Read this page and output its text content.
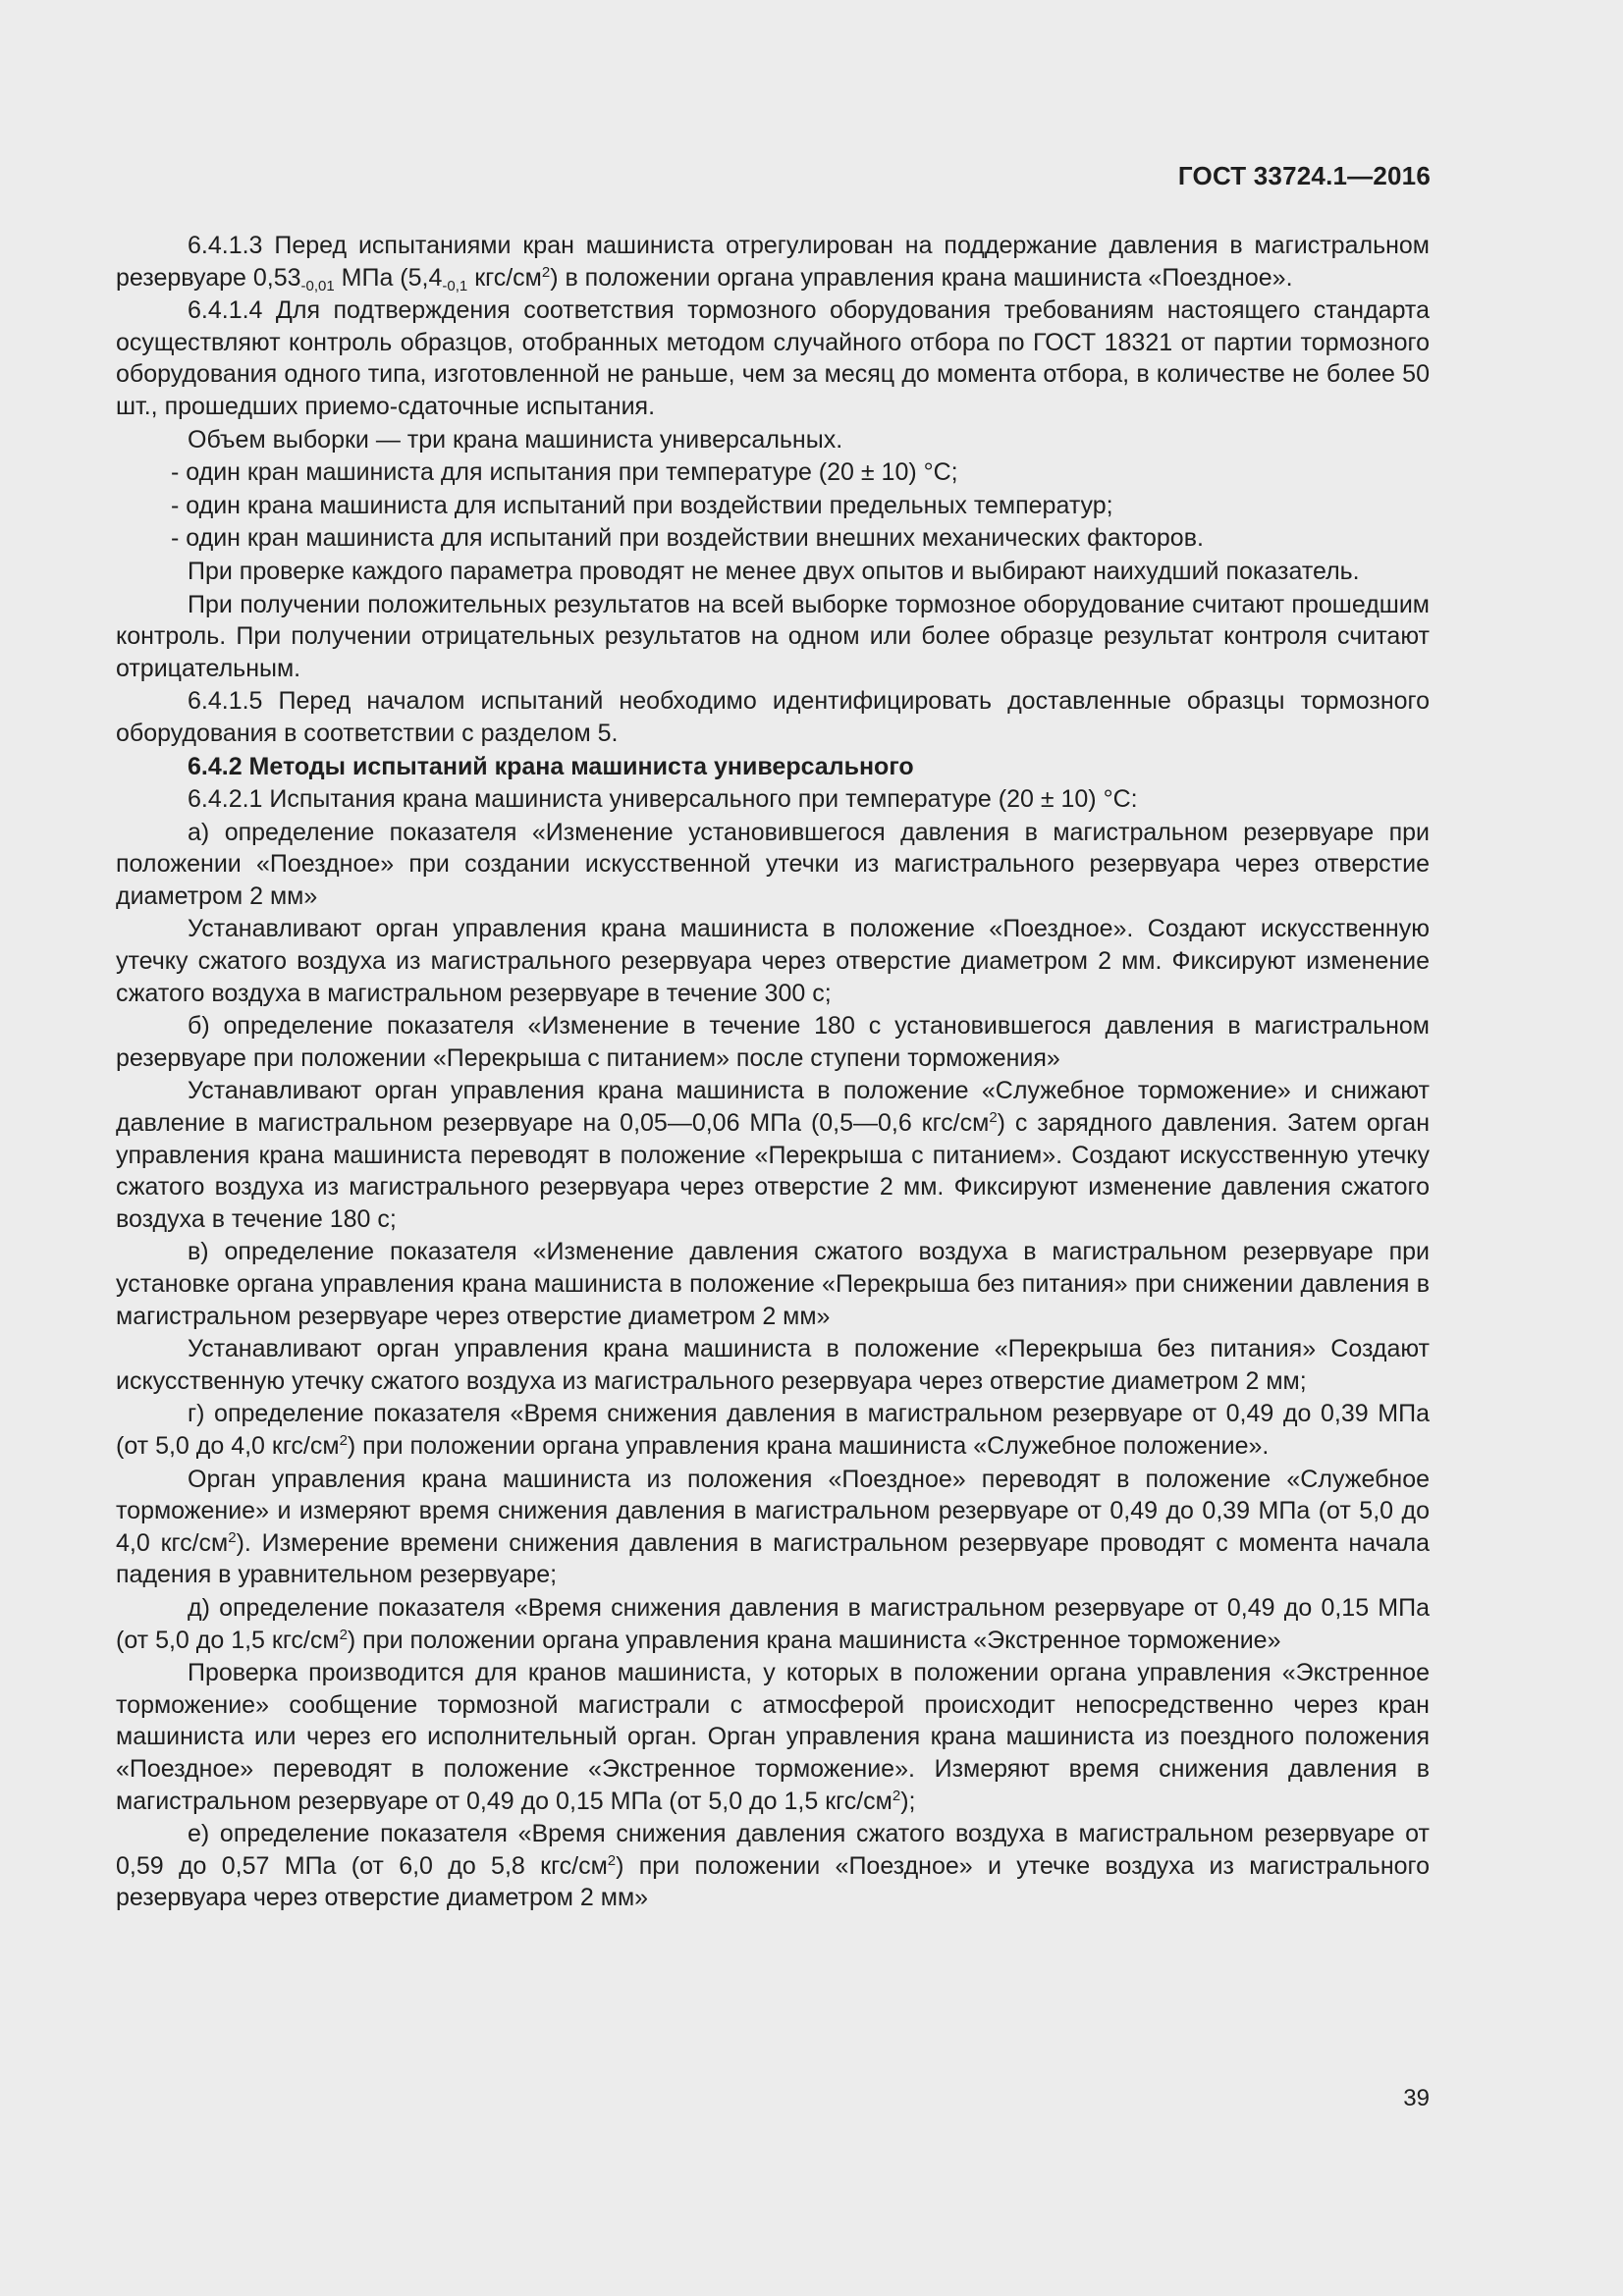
ГОСТ 33724.1—2016

6.4.1.3 Перед испытаниями кран машиниста отрегулирован на поддержание давления в магистральном резервуаре $0,53_{-0,01}$ МПа ($5,4_{-0,1}$ кгс/$см^2$) в положении органа управления крана машиниста «Поездное».

6.4.1.4 Для подтверждения соответствия тормозного оборудования требованиям настоящего стандарта осуществляют контроль образцов, отобранных методом случайного отбора по ГОСТ 18321 от партии тормозного оборудования одного типа, изготовленной не раньше, чем за месяц до момента отбора, в количестве не более 50 шт., прошедших приемо-сдаточные испытания.

Объем выборки — три крана машиниста универсальных.

- один кран машиниста для испытания при температуре (20 ± 10) °С;

- один крана машиниста для испытаний при воздействии предельных температур;

- один кран машиниста для испытаний при воздействии внешних механических факторов.

При проверке каждого параметра проводят не менее двух опытов и выбирают наихудший показатель.

При получении положительных результатов на всей выборке тормозное оборудование считают прошедшим контроль. При получении отрицательных результатов на одном или более образце результат контроля считают отрицательным.

6.4.1.5 Перед началом испытаний необходимо идентифицировать доставленные образцы тормозного оборудования в соответствии с разделом 5.

6.4.2 Методы испытаний крана машиниста универсального

6.4.2.1 Испытания крана машиниста универсального при температуре (20 ± 10) °С:

а) определение показателя «Изменение установившегося давления в магистральном резервуаре при положении «Поездное» при создании искусственной утечки из магистрального резервуара через отверстие диаметром 2 мм»

Устанавливают орган управления крана машиниста в положение «Поездное». Создают искусственную утечку сжатого воздуха из магистрального резервуара через отверстие диаметром 2 мм. Фиксируют изменение сжатого воздуха в магистральном резервуаре в течение 300 с;

б) определение показателя «Изменение в течение 180 с установившегося давления в магистральном резервуаре при положении «Перекрыша с питанием» после ступени торможения»

Устанавливают орган управления крана машиниста в положение «Служебное торможение» и снижают давление в магистральном резервуаре на 0,05—0,06 МПа (0,5—0,6 кгс/$см^2$) с зарядного давления. Затем орган управления крана машиниста переводят в положение «Перекрыша с питанием». Создают искусственную утечку сжатого воздуха из магистрального резервуара через отверстие 2 мм. Фиксируют изменение давления сжатого воздуха в течение 180 с;

в) определение показателя «Изменение давления сжатого воздуха в магистральном резервуаре при установке органа управления крана машиниста в положение «Перекрыша без питания» при снижении давления в магистральном резервуаре через отверстие диаметром 2 мм»

Устанавливают орган управления крана машиниста в положение «Перекрыша без питания» Создают искусственную утечку сжатого воздуха из магистрального резервуара через отверстие диаметром 2 мм;

г) определение показателя «Время снижения давления в магистральном резервуаре от 0,49 до 0,39 МПа (от 5,0 до 4,0 кгс/$см^2$) при положении органа управления крана машиниста «Служебное положение».

Орган управления крана машиниста из положения «Поездное» переводят в положение «Служебное торможение» и измеряют время снижения давления в магистральном резервуаре от 0,49 до 0,39 МПа (от 5,0 до 4,0 кгс/$см^2$). Измерение времени снижения давления в магистральном резервуаре проводят с момента начала падения в уравнительном резервуаре;

д) определение показателя «Время снижения давления в магистральном резервуаре от 0,49 до 0,15 МПа (от 5,0 до 1,5 кгс/$см^2$) при положении органа управления крана машиниста «Экстренное торможение»

Проверка производится для кранов машиниста, у которых в положении органа управления «Экстренное торможение» сообщение тормозной магистрали с атмосферой происходит непосредственно через кран машиниста или через его исполнительный орган. Орган управления крана машиниста из поездного положения «Поездное» переводят в положение «Экстренное торможение». Измеряют время снижения давления в магистральном резервуаре от 0,49 до 0,15 МПа (от 5,0 до 1,5 кгс/$см^2$);

е) определение показателя «Время снижения давления сжатого воздуха в магистральном резервуаре от 0,59 до 0,57 МПа (от 6,0 до 5,8 кгс/$см^2$) при положении «Поездное» и утечке воздуха из магистрального резервуара через отверстие диаметром 2 мм»

39
